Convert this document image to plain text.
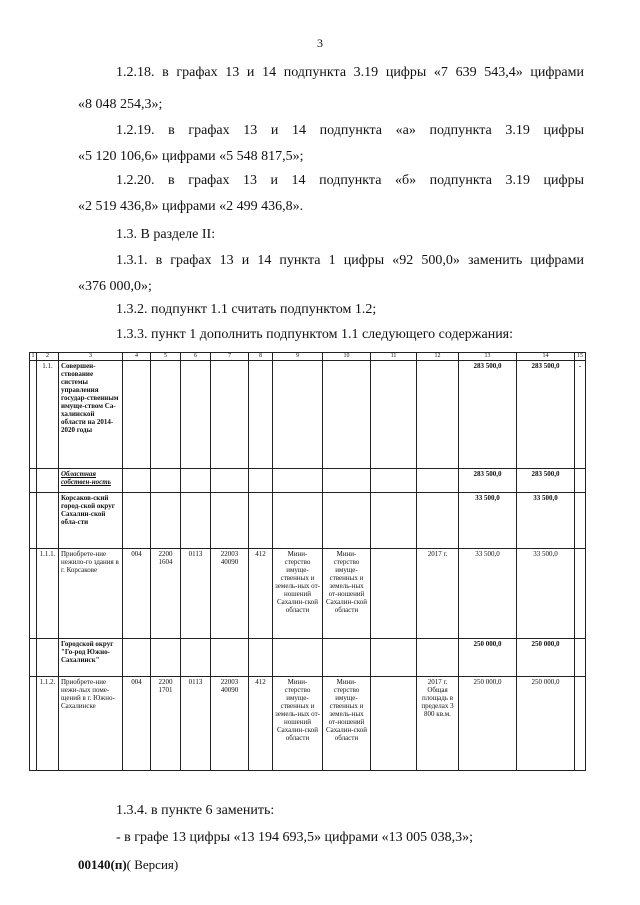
3
1.2.18. в графах 13 и 14 подпункта 3.19 цифры «7 639 543,4» цифрами
«8 048 254,3»;
1.2.19. в графах 13 и 14 подпункта «а» подпункта 3.19 цифры
«5 120 106,6» цифрами «5 548 817,5»;
1.2.20. в графах 13 и 14 подпункта «б» подпункта 3.19 цифры
«2 519 436,8» цифрами «2 499 436,8».
1.3. В разделе II:
1.3.1. в графах 13 и 14 пункта 1 цифры «92 500,0» заменить цифрами
«376 000,0»;
1.3.2. подпункт 1.1 считать подпунктом 1.2;
1.3.3. пункт 1 дополнить подпунктом 1.1 следующего содержания:
1	2	3	4	5	6	7	8	9	10	11	12	13	14	15
	1.1.	Совершен-ствование системы управления государ-ственным имуще-ством Са-халинской области на 2014-2020 годы										283 500,0	283 500,0	-
		Областная собствен-ность										283 500,0	283 500,0	
		Корсаков-ский город-ской округ Сахалин-ской обла-сти										33 500,0	33 500,0	
	1.1.1.	Приобрете-ние нежило-го здания в г. Корсакове	004	2200 1604	0113	22003 40090	412	Мини-стерство имуще-ственных и земель-ных от-ношений Сахалин-ской области	Мини-стерство имуще-ственных и земель-ных от-ношений Сахалин-ской области		2017 г.	33 500,0	33 500,0	
		Городской округ "Го-род Южно-Сахалинск"										250 000,0	250 000,0	
	1.1.2.	Приобрете-ние нежи-лых поме-щений в г. Южно-Сахалинске	004	2200 1701	0113	22003 40090	412	Мини-стерство имуще-ственных и земель-ных от-ношений Сахалин-ской области	Мини-стерство имуще-ственных и земель-ных от-ношений Сахалин-ской области		2017 г. Общая площадь в пределах 3 800 кв.м.	250 000,0	250 000,0	
1.3.4. в пункте 6 заменить:
- в графе 13 цифры «13 194 693,5» цифрами «13 005 038,3»;
00140(п)( Версия)
